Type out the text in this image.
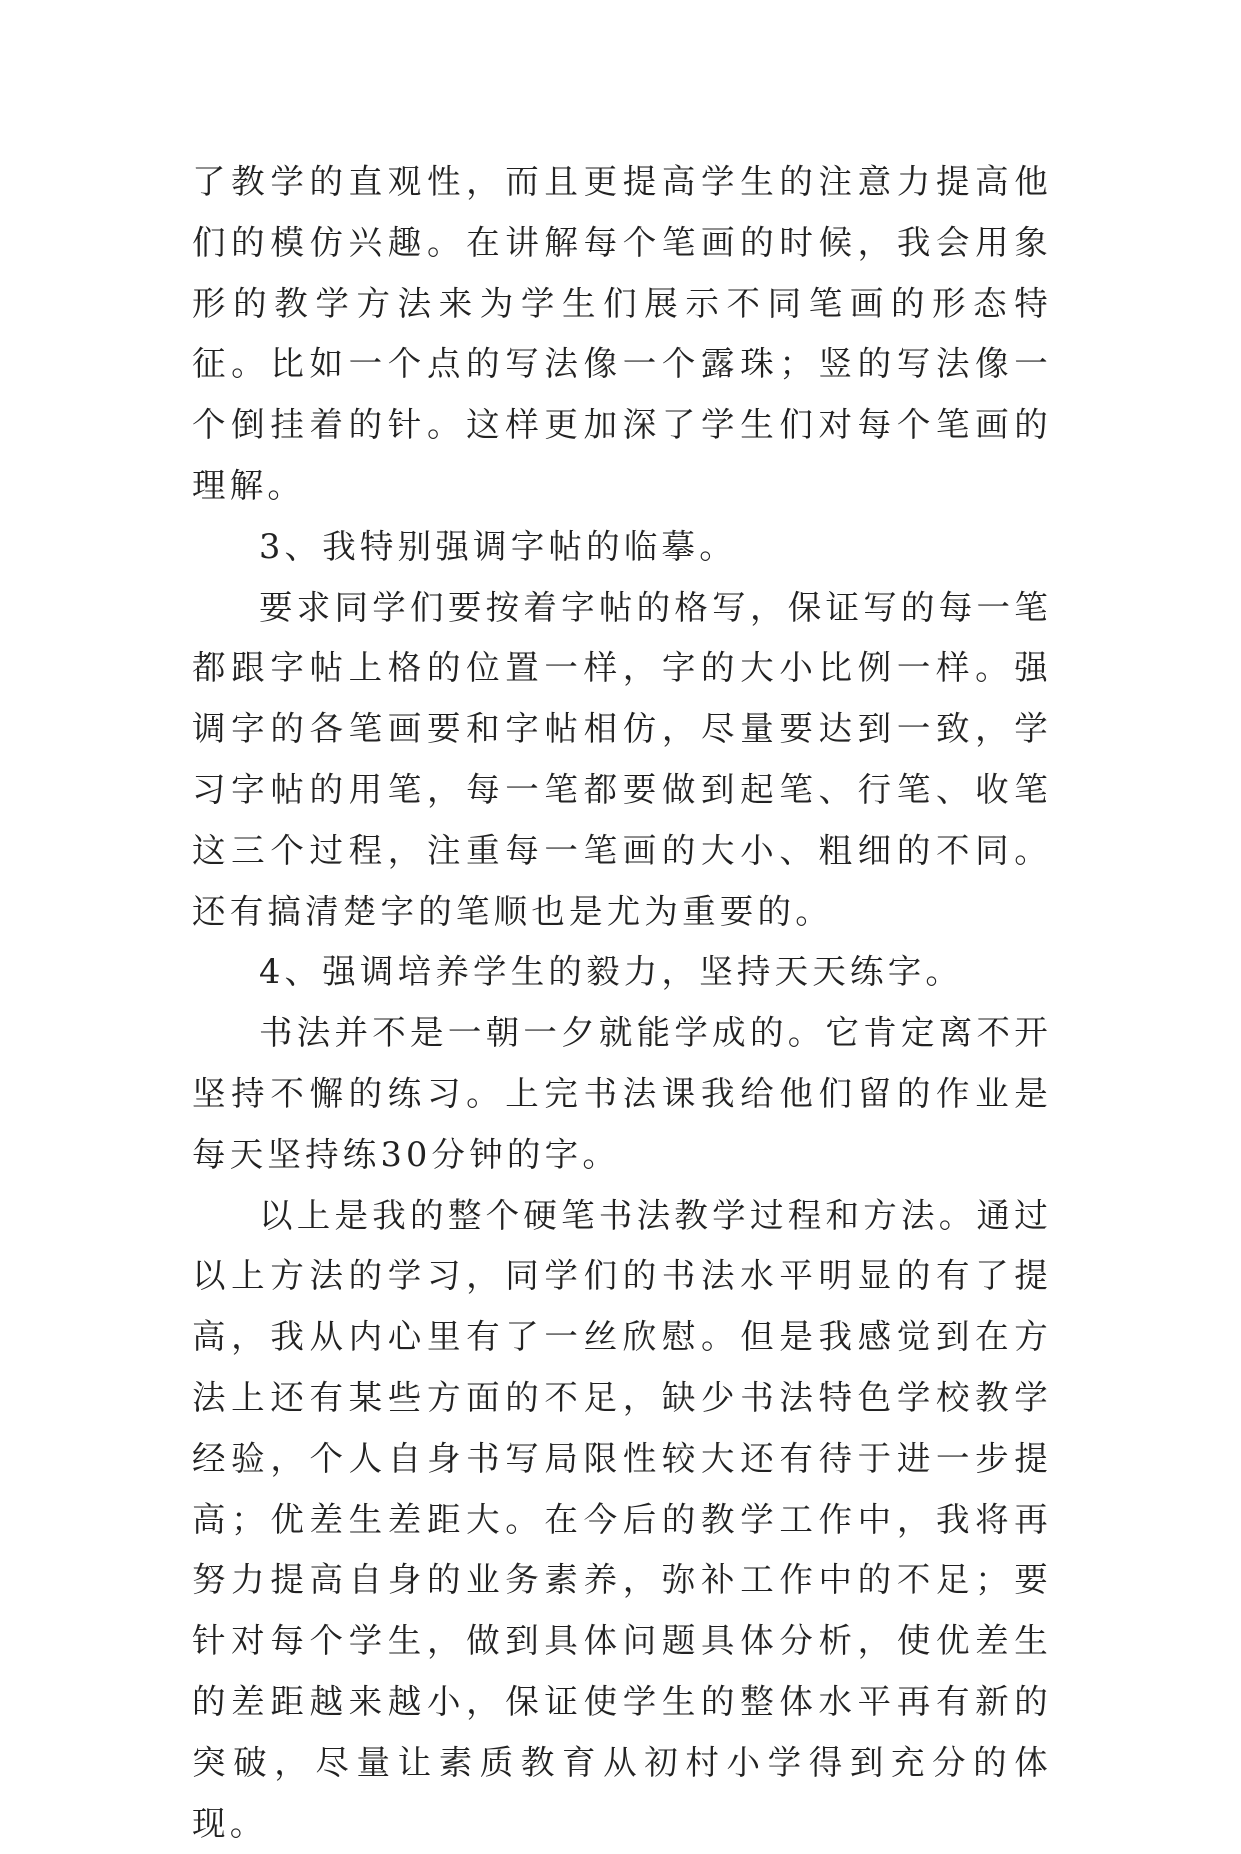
了教学的直观性，而且更提高学生的注意力提高他们的模仿兴趣。在讲解每个笔画的时候，我会用象形的教学方法来为学生们展示不同笔画的形态特征。比如一个点的写法像一个露珠；竖的写法像一个倒挂着的针。这样更加深了学生们对每个笔画的理解。

3、我特别强调字帖的临摹。

要求同学们要按着字帖的格写，保证写的每一笔都跟字帖上格的位置一样，字的大小比例一样。强调字的各笔画要和字帖相仿，尽量要达到一致，学习字帖的用笔，每一笔都要做到起笔、行笔、收笔这三个过程，注重每一笔画的大小、粗细的不同。还有搞清楚字的笔顺也是尤为重要的。

4、强调培养学生的毅力，坚持天天练字。

书法并不是一朝一夕就能学成的。它肯定离不开坚持不懈的练习。上完书法课我给他们留的作业是每天坚持练30分钟的字。

以上是我的整个硬笔书法教学过程和方法。通过以上方法的学习，同学们的书法水平明显的有了提高，我从内心里有了一丝欣慰。但是我感觉到在方法上还有某些方面的不足，缺少书法特色学校教学经验，个人自身书写局限性较大还有待于进一步提高；优差生差距大。在今后的教学工作中，我将再努力提高自身的业务素养，弥补工作中的不足；要针对每个学生，做到具体问题具体分析，使优差生的差距越来越小，保证使学生的整体水平再有新的突破，尽量让素质教育从初村小学得到充分的体现。
